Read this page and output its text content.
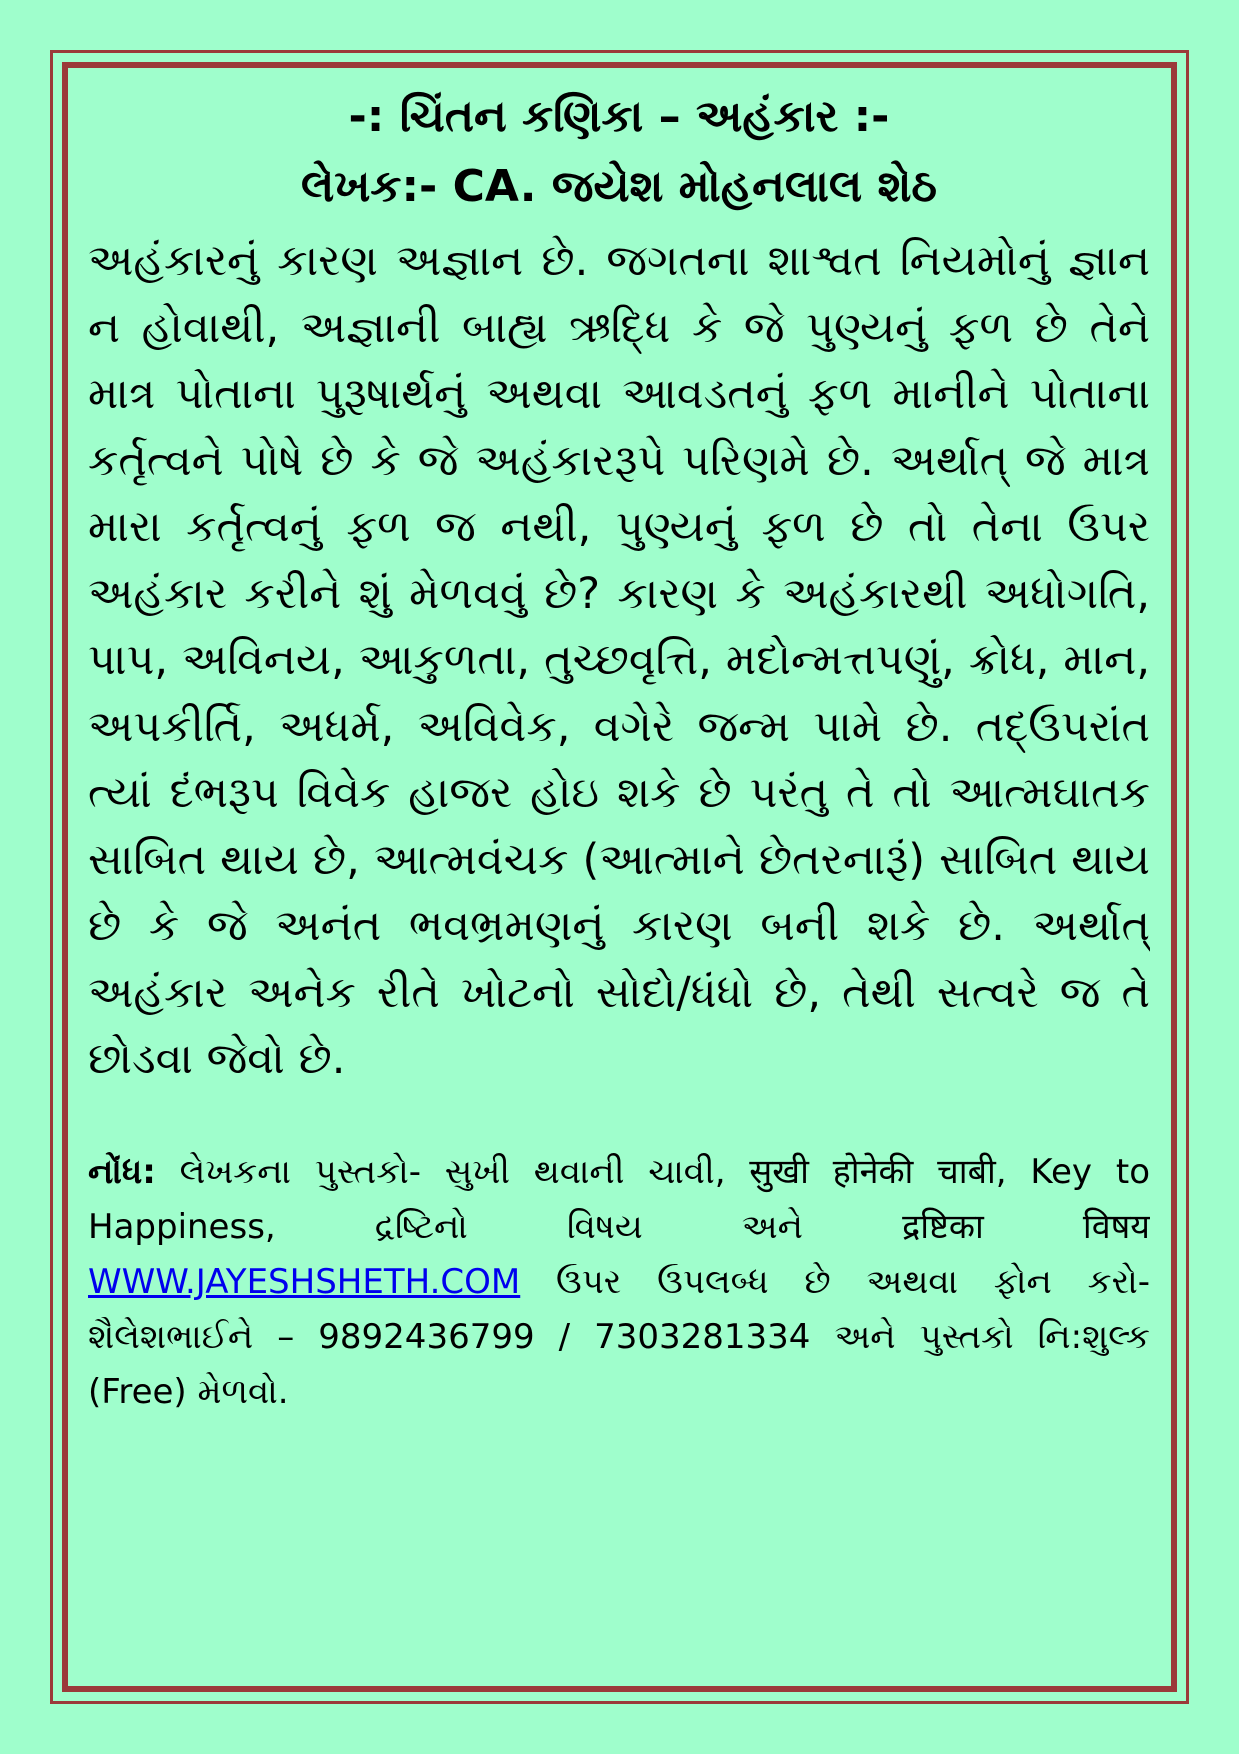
-: ચિંતન કણિકા – અહંકાર :-
લેખક:- CA. જયેશ મોહનલાલ શેઠ

અહંકારનું કારણ અજ્ઞાન છે. જગતના શાશ્વત નિયમોનું જ્ઞાન ન હોવાથી, અજ્ઞાની બાહ્ય ઋદ્ધિ કે જે પુણ્યનું ફળ છે તેને માત્ર પોતાના પુરૂષાર્થનું અથવા આવડતનું ફળ માનીને પોતાના કર્તૃત્વને પોષે છે કે જે અહંકારરૂપે પરિણમે છે. અર્થાત્ જે માત્ર મારા કર્તૃત્વનું ફળ જ નથી, પુણ્યનું ફળ છે તો તેના ઉપર અહંકાર કરીને શું મેળવવું છે? કારણ કે અહંકારથી અધોગતિ, પાપ, અવિનય, આકુળતા, તુચ્છવૃત્તિ, મદોન્મત્તપણું, ક્રોધ, માન, અપકીર્તિ, અધર્મ, અવિવેક, વગેરે જન્મ પામે છે. તદ્ઉપરાંત ત્યાં દંભરૂપ વિવેક હાજર હોઇ શકે છે પરંતુ તે તો આત્મઘાતક સાબિત થાય છે, આત્મવંચક (આત્માને છેતરનારૂં) સાબિત થાય છે કે જે અનંત ભવભ્રમણનું કારણ બની શકે છે. અર્થાત્ અહંકાર અનેક રીતે ખોટનો સોદો/ધંધો છે, તેથી સત્વરે જ તે છોડવા જેવો છે.

નોંધ: લેખકના પુસ્તકો- સુખી થવાની ચાવી, सुखी होनेकी चाबी, Key to Happiness, દ્રષ્ટિનો વિષય અને द्रष्टिका विषय WWW.JAYESHSHETH.COM ઉપર ઉપલબ્ધ છે અથવા ફોન કરો- શૈલેશભાઈને – 9892436799 / 7303281334 અને પુસ્તકો નિ:શુલ્ક (Free) મેળવો.
